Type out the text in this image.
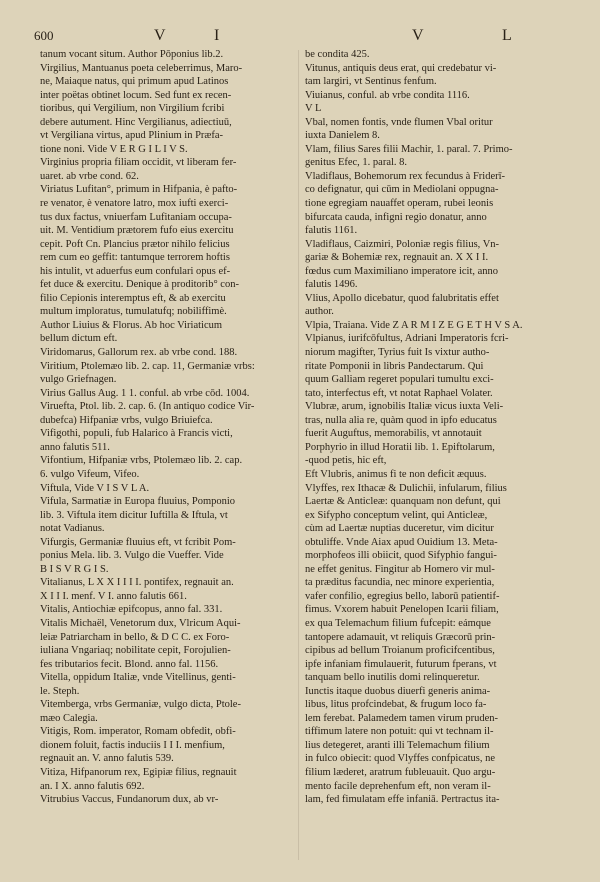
600	V	I	V	L

tanum vocant situm. Author Pōponius lib.2.

Virgilius, Mantuanus poeta celeberrimus, Maro-

ne, Maiaque natus, qui primum apud Latinos

inter poëtas obtinet locum. Sed funt ex recen-

tioribus, qui Vergilium, non Virgilium fcribi

debere autument. Hinc Vergilianus, adiectiuū,

vt Vergiliana virtus, apud Plinium in Præfa-

tione noni. Vide V E R G I L I V S.

Virginius propria filiam occidit, vt liberam fer-

uaret. ab vrbe cond. 62.

Viriatus Lufitan°, primum in Hifpania, è pafto-

re venator, è venatore latro, mox iufti exerci-

tus dux factus, vniuerfam Lufitaniam occupa-

uit. M. Ventidium prætorem fufo eius exercitu

cepit. Poft Cn. Plancius prætor nihilo felicius

rem cum eo geffit: tantumque terrorem hoftis

his intulit, vt aduerfus eum confulari opus ef-

fet duce & exercitu. Denique à proditorib° con-

filio Cepionis interemptus eft, & ab exercitu

multum imploratus, tumulatufq; nobiliffimè.

Author Liuius & Florus. Ab hoc Viriaticum

bellum dictum eft.

Viridomarus, Gallorum rex. ab vrbe cond. 188.

Viritium, Ptolemæo lib. 2. cap. 11, Germaniæ vrbs:

vulgo Griefnagen.

Virius Gallus Aug. 1 1. conful. ab vrbe cōd. 1004.

Viruefta, Ptol. lib. 2. cap. 6. (In antiquo codice Vir-

dubefca) Hifpaniæ vrbs, vulgo Briuiefca.

Vifigothi, populi, fub Halarico à Francis victi,

anno falutis 511.

Vifontium, Hifpaniæ vrbs, Ptolemæo lib. 2. cap.

6. vulgo Vifeum, Vifeo.

Viftula, Vide V I S V L A.

Vifula, Sarmatiæ in Europa fluuius, Pomponio

lib. 3. Viftula item dicitur Iuftilla & Iftula, vt

notat Vadianus.

Vifurgis, Germaniæ fluuius eft, vt fcribit Pom-

ponius Mela. lib. 3. Vulgo die Vueffer. Vide

B I S V R G I S.

Vitalianus, L X X I I I I. pontifex, regnauit an.

X I I I. menf. V I. anno falutis 661.

Vitalis, Antiochiæ epifcopus, anno fal. 331.

Vitalis Michaël, Venetorum dux, Vlricum Aqui-

leiæ Patriarcham in bello, & D C C. ex Foro-

iuliana Vngariaq; nobilitate cepit, Forojulien-

fes tributarios fecit. Blond. anno fal. 1156.

Vitella, oppidum Italiæ, vnde Vitellinus, genti-

le. Steph.

Vitemberga, vrbs Germaniæ, vulgo dicta, Ptole-

mæo Calegia.

Vitigis, Rom. imperator, Romam obfedit, obfi-

dionem foluit, factis induciis I I I. menfium,

regnauit an. V. anno falutis 539.

Vitiza, Hifpanorum rex, Egipiæ filius, regnauit

an. I X. anno falutis 692.

Vitrubius Vaccus, Fundanorum dux, ab vr-

be condita 425.

Vitunus, antiquis deus erat, qui credebatur vi-

tam largiri, vt Sentinus fenfum.

Viuianus, conful. ab vrbe condita 1116.

V L

Vbal, nomen fontis, vnde flumen Vbal oritur

iuxta Danielem 8.

Vlam, filius Sares filii Machir, 1. paral. 7. Primo-

genitus Efec, 1. paral. 8.

Vladiflaus, Bohemorum rex fecundus à Friderī-

co defignatur, qui cūm in Mediolani oppugna-

tione egregiam nauaffet operam, rubei leonis

bifurcata cauda, infigni regio donatur, anno

falutis 1161.

Vladiflaus, Caizmiri, Poloniæ regis filius, Vn-

gariæ & Bohemiæ rex, regnauit an. X X I I.

fœdus cum Maximiliano imperatore icit, anno

falutis 1496.

Vlius, Apollo dicebatur, quod falubritatis effet

author.

Vlpia, Traiana. Vide Z A R M I Z E G E T H V S A.

Vlpianus, iurifcōfultus, Adriani Imperatoris fcri-

niorum magifter, Tyrius fuit Is vixtur autho-

ritate Pomponii in libris Pandectarum. Qui

quum Galliam regeret populari tumultu exci-

tato, interfectus eft, vt notat Raphael Volater.

Vlubræ, arum, ignobilis Italiæ vicus iuxta Veli-

tras, nulla alia re, quàm quod in ipfo educatus

fuerit Auguftus, memorabilis, vt annotauit

Porphyrio in illud Horatii lib. 1. Epiftolarum,

-quod petis, hic eft,

Eft Vlubris, animus fi te non deficit æquus.

Vlyffes, rex Ithacæ & Dulichii, infularum, filius

Laertæ & Anticleæ: quanquam non defunt, qui

ex Sifypho conceptum velint, qui Anticleæ,

cùm ad Laertæ nuptias duceretur, vim dicitur

obtuliffe. Vnde Aiax apud Ouidium 13. Meta-

morphofeos illi obiicit, quod Sifyphio fangui-

ne effet genitus. Fingitur ab Homero vir mul-

ta præditus facundia, nec minore experientia,

vafer confilio, egregius bello, laborū patientif-

fimus. Vxorem habuit Penelopen Icarii filiam,

ex qua Telemachum filium fufcepit: eámque

tantopere adamauit, vt reliquis Græcorū prin-

cipibus ad bellum Troianum proficifcentibus,

ipfe infaniam fimulauerit, futurum fperans, vt

tanquam bello inutilis domi relinqueretur.

Iunctis itaque duobus diuerfi generis anima-

libus, litus profcindebat, & frugum loco fa-

lem ferebat. Palamedem tamen virum pruden-

tiffimum latere non potuit: qui vt technam il-

lius detegeret, aranti illi Telemachum filium

in fulco obiecit: quod Vlyffes confpicatus, ne

filium læderet, aratrum fubleuauit. Quo argu-

mento facile deprehenfum eft, non veram il-

lam, fed fimulatam effe infaniā. Pertractus ita-
